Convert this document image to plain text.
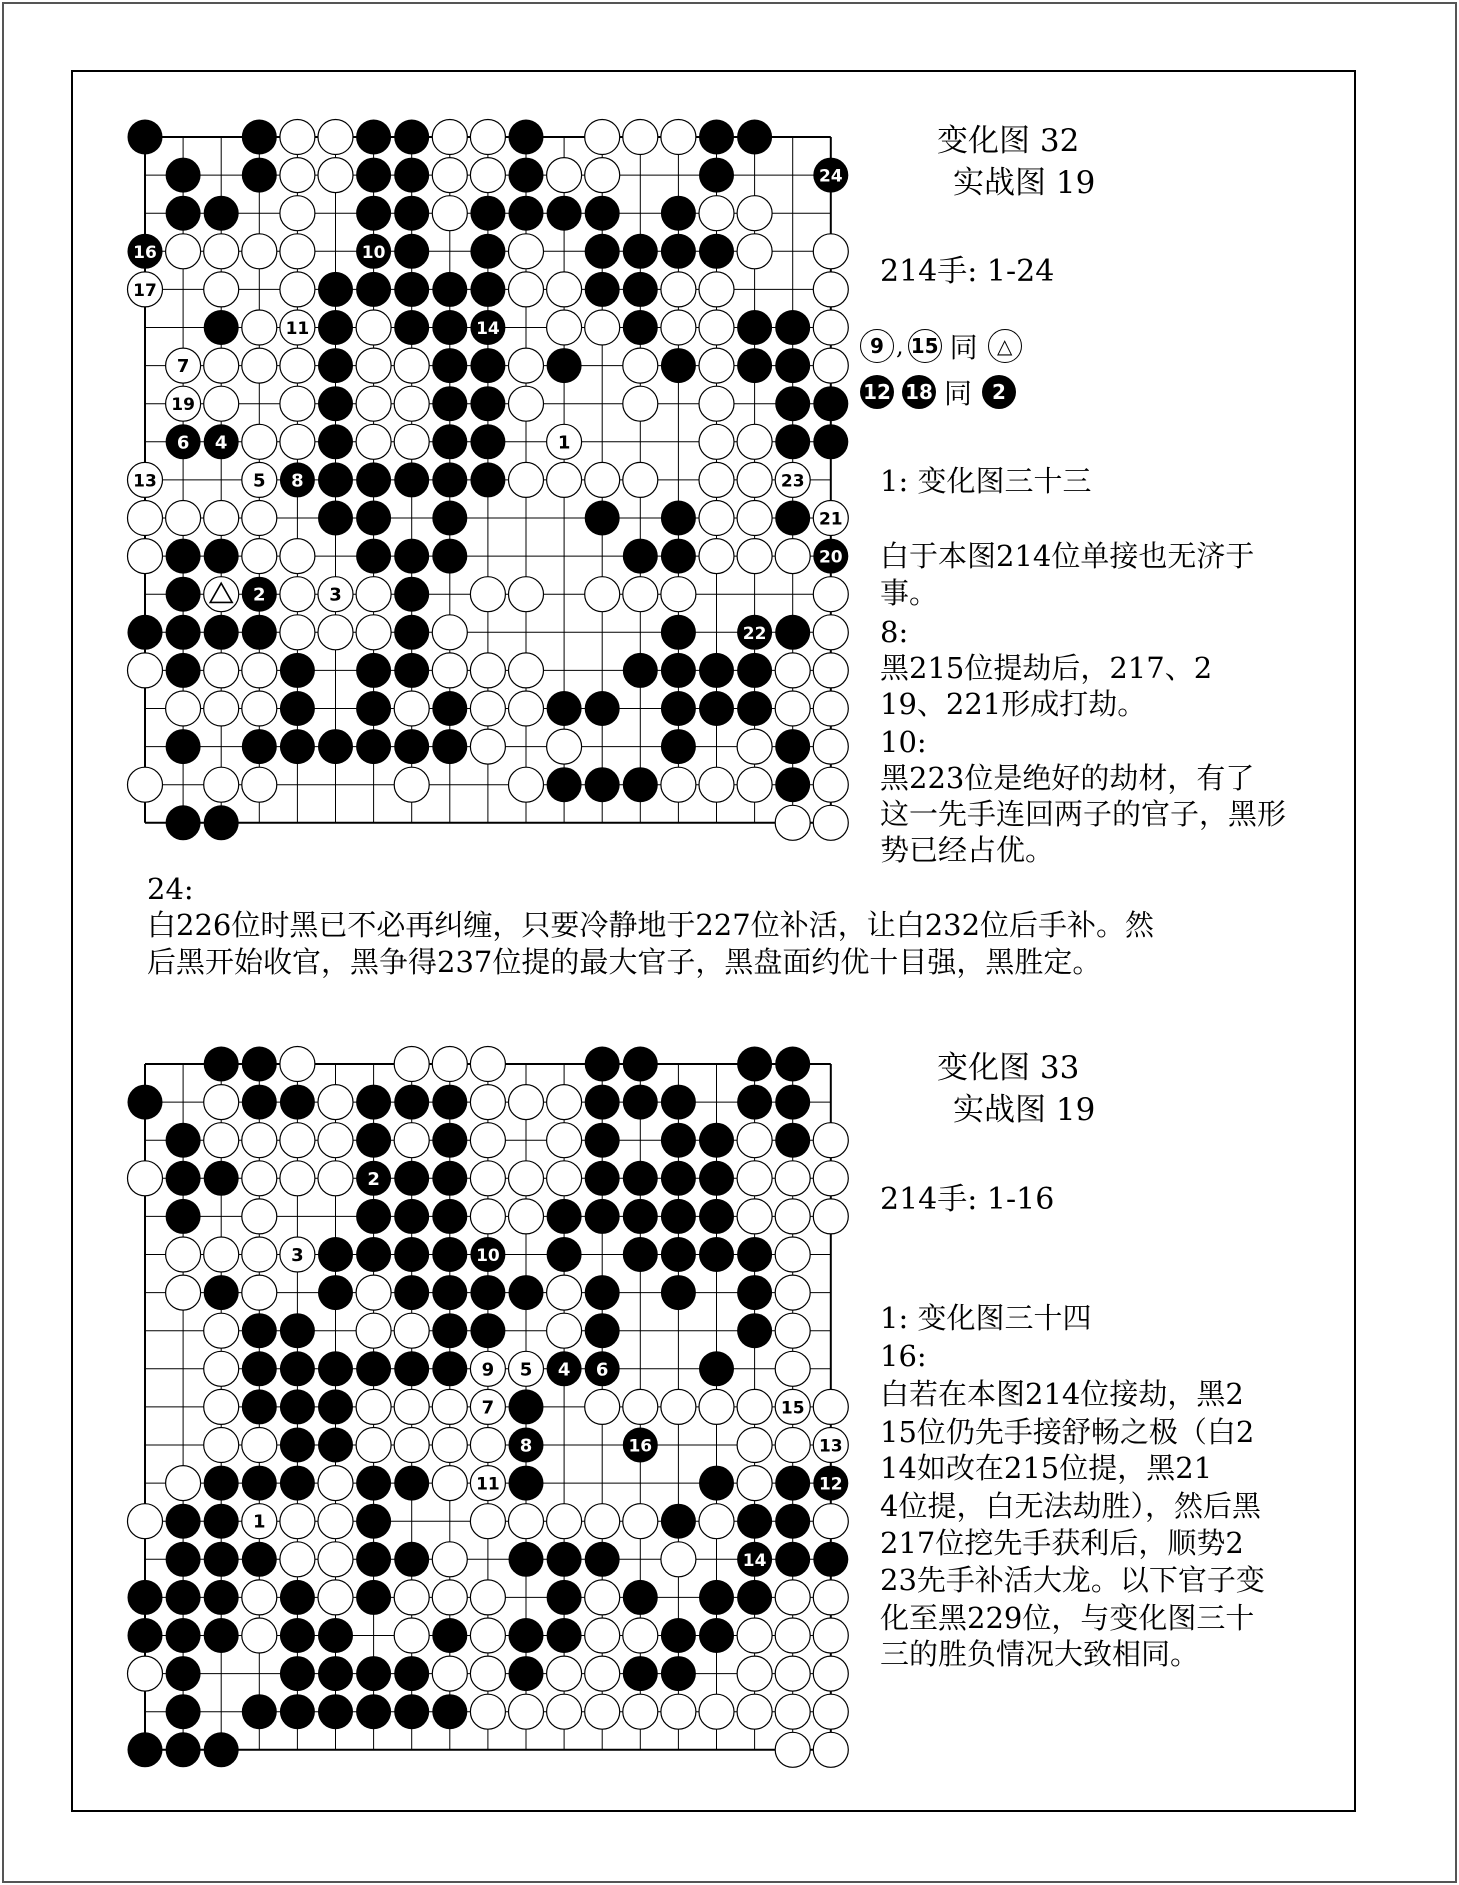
24
16
17
10
11	14
7
19
6 4	1
13	5 8	23
21
20
2	3
22
变化图 32
实战图 19
214手: 1-24
9 , 15 同 △
12 18 同	2
1: 变化图三十三
白于本图214位单接也无济于
事。
8:
黑215位提劫后，217、2
19、221形成打劫。
10:
黑223位是绝好的劫材，有了
这一先手连回两子的官子，黑形
势已经占优。
24:
白226位时黑已不必再纠缠，只要冷静地于227位补活，让白232位后手补。然
后黑开始收官，黑争得237位提的最大官子，黑盘面约优十目强，黑胜定。
2
3	10
9 5 4 6
7
8
15
16	13
11	12
1
14
变化图 33
实战图 19
214手: 1-16
1: 变化图三十四
16:
白若在本图214位接劫，黑2
15位仍先手接舒畅之极（白2
14如改在215位提，黑21
4位提，白无法劫胜），然后黑
217位挖先手获利后，顺势2
23先手补活大龙。以下官子变
化至黑229位，与变化图三十
三的胜负情况大致相同。
